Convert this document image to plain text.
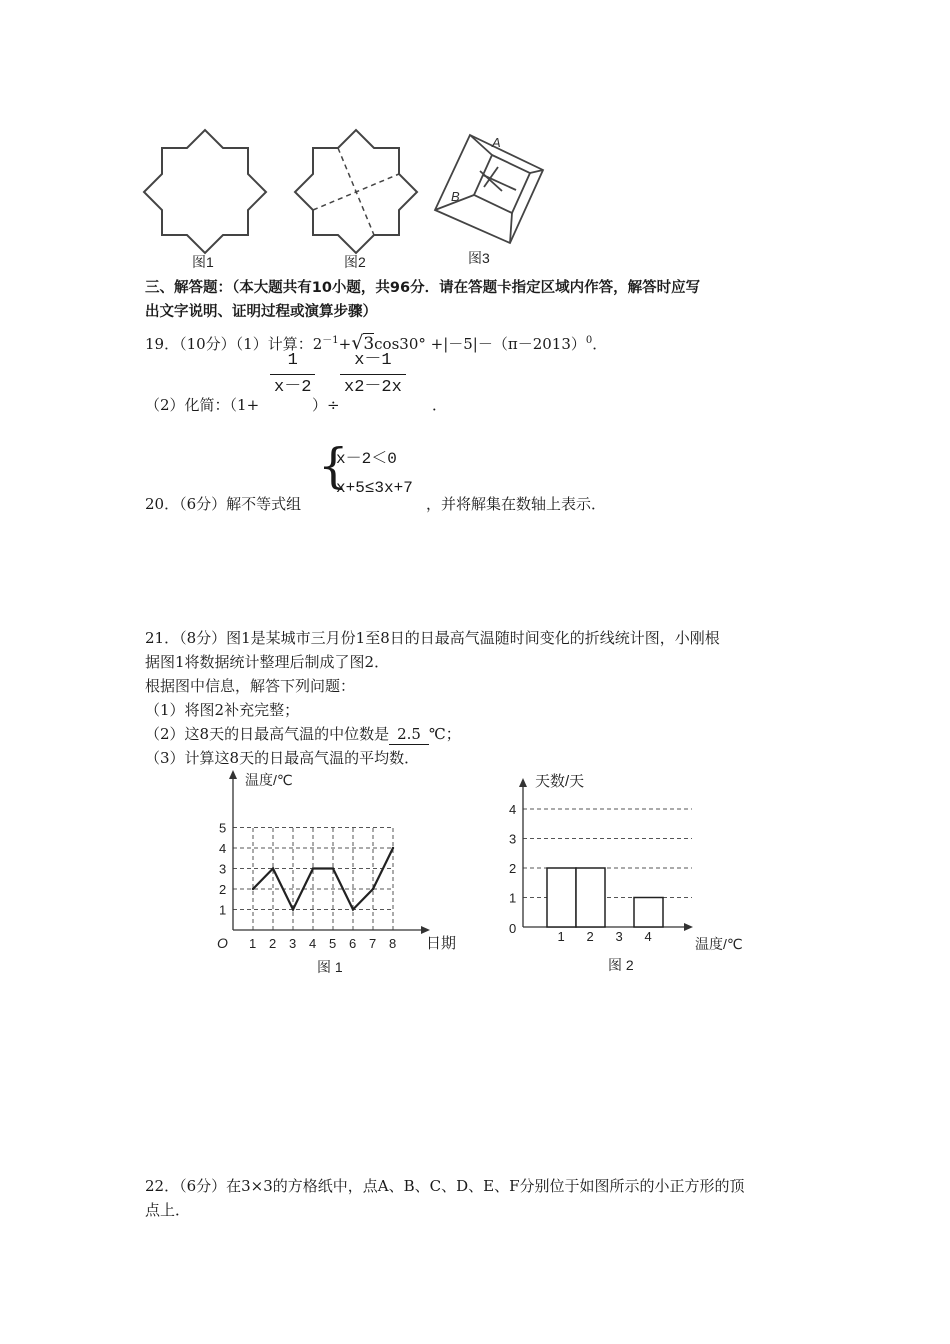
A
B
图1	图2	图3
三、解答题：（本大题共有10小题，共96分．请在答题卡指定区域内作答，解答时应写
出文字说明、证明过程或演算步骤）
19．（10分）（1）计算：$2^{-1}+√3\cos 30^\circ +|-5|-(\pi-2013)^0$．
（2）化简：（1+
$\frac{1}{x-2}$
）÷
$\frac{x-1}{x2-2x}$
．
20．（6分）解不等式组
{
x－2＜0
x+5≤3x+7
，并将解集在数轴上表示．
21．（8分）图1是某城市三月份1至8日的日最高气温随时间变化的折线统计图，小刚根
据图1将数据统计整理后制成了图2．
根据图中信息，解答下列问题：
（1）将图2补充完整；
（2）这8天的日最高气温的中位数是 2.5 ℃；
（3）计算这8天的日最高气温的平均数．
1
2
3
4
5
1 2 3 4 5 6 7 8
O
温度/℃
日期
图 1
1
2
3
4
0
1 2 3 4
天数/天
温度/℃
图 2
22．（6分）在3×3的方格纸中，点A、B、C、D、E、F分别位于如图所示的小正方形的顶
点上．
